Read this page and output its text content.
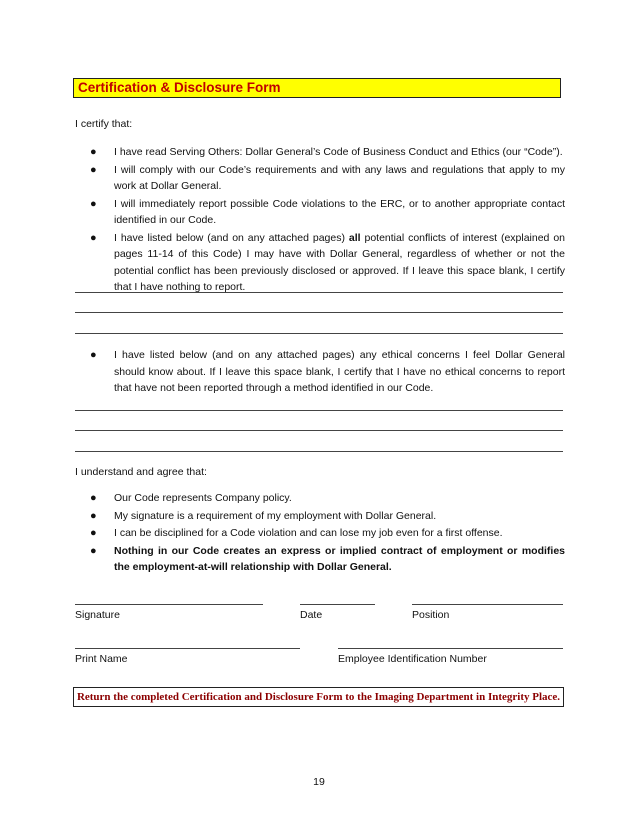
Certification & Disclosure Form
I certify that:
● I have read Serving Others: Dollar General’s Code of Business Conduct and Ethics (our “Code”).
● I will comply with our Code’s requirements and with any laws and regulations that apply to my work at Dollar General.
● I will immediately report possible Code violations to the ERC, or to another appropriate contact identified in our Code.
● I have listed below (and on any attached pages) all potential conflicts of interest (explained on pages 11-14 of this Code) I may have with Dollar General, regardless of whether or not the potential conflict has been previously disclosed or approved. If I leave this space blank, I certify that I have nothing to report.
● I have listed below (and on any attached pages) any ethical concerns I feel Dollar General should know about. If I leave this space blank, I certify that I have no ethical concerns to report that have not been reported through a method identified in our Code.
I understand and agree that:
● Our Code represents Company policy.
● My signature is a requirement of my employment with Dollar General.
● I can be disciplined for a Code violation and can lose my job even for a first offense.
● Nothing in our Code creates an express or implied contract of employment or modifies the employment-at-will relationship with Dollar General.
Signature	Date	Position
Print Name	Employee Identification Number
Return the completed Certification and Disclosure Form to the Imaging Department in Integrity Place.
19
